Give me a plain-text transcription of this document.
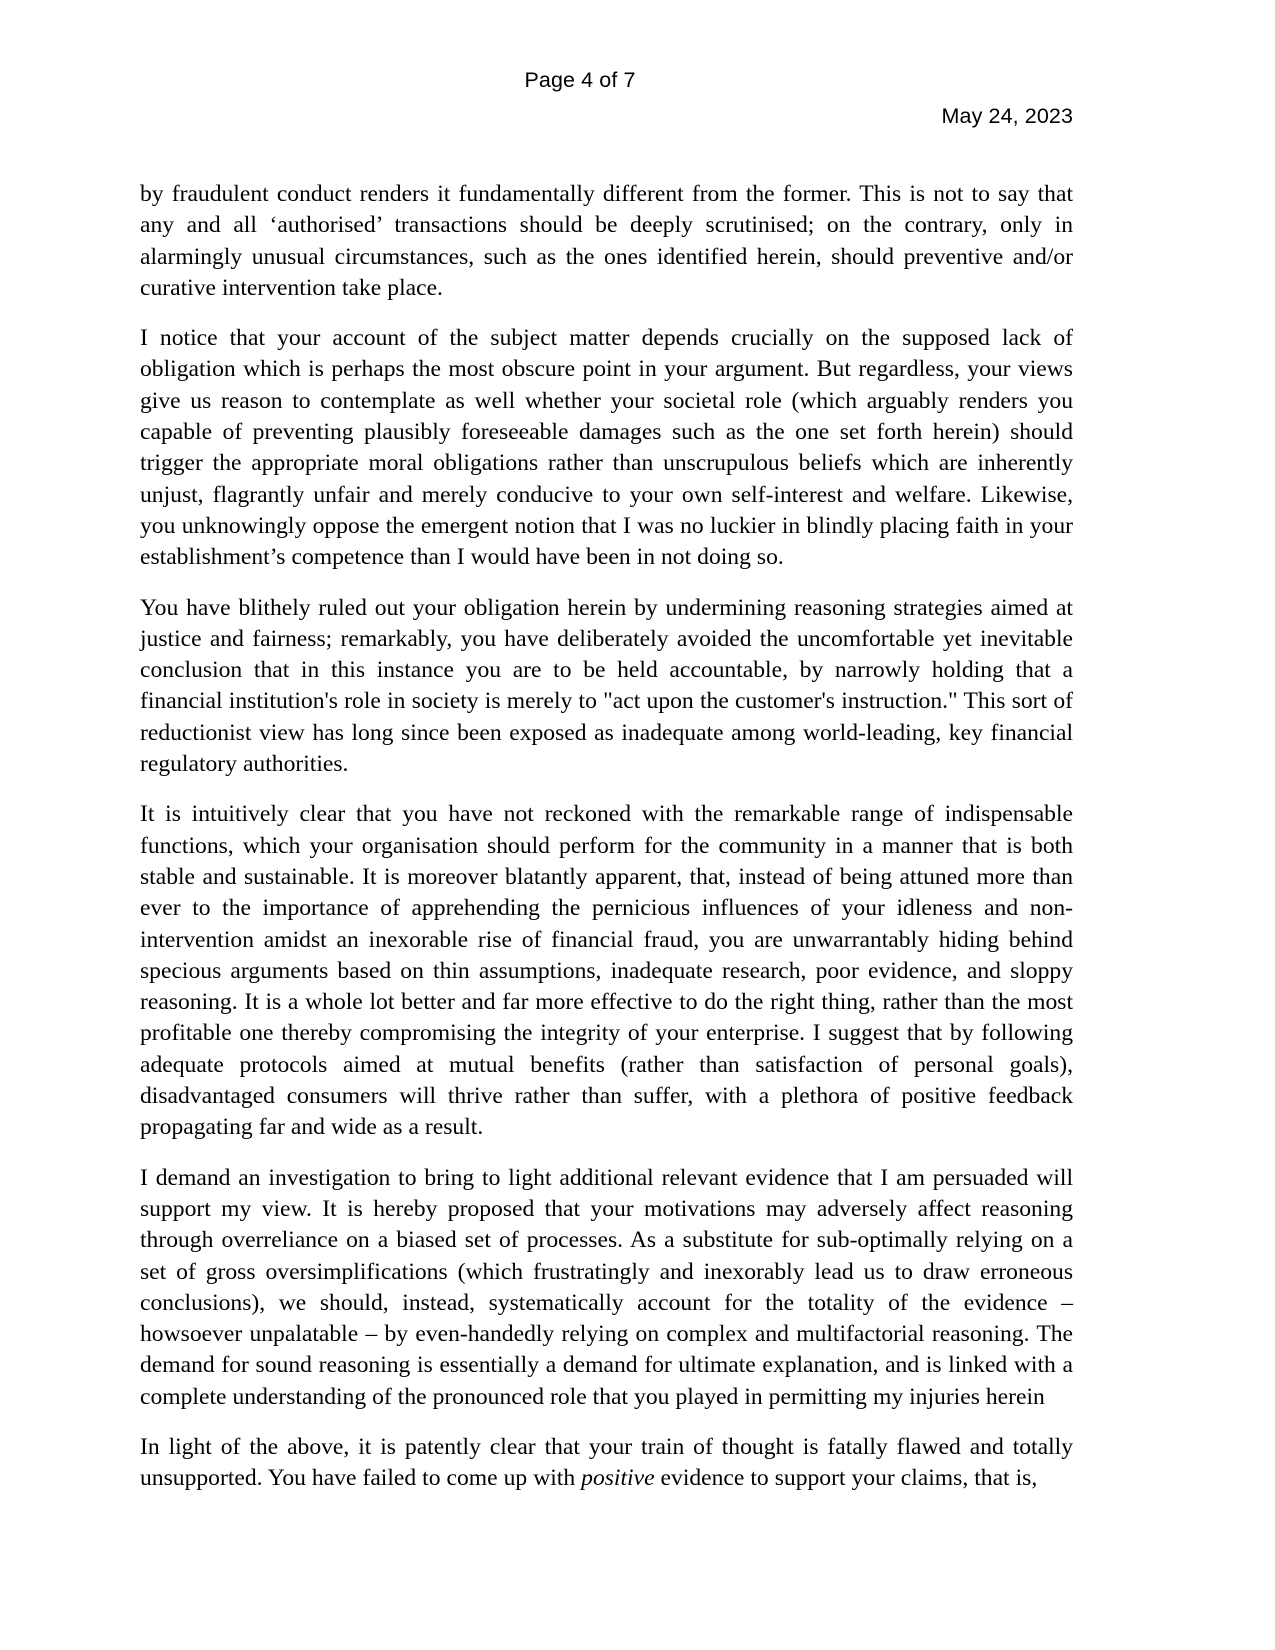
Page 4 of 7
May 24, 2023

by fraudulent conduct renders it fundamentally different from the former. This is not to say that any and all ‘authorised’ transactions should be deeply scrutinised; on the contrary, only in alarmingly unusual circumstances, such as the ones identified herein, should preventive and/or curative intervention take place.

I notice that your account of the subject matter depends crucially on the supposed lack of obligation which is perhaps the most obscure point in your argument. But regardless, your views give us reason to contemplate as well whether your societal role (which arguably renders you capable of preventing plausibly foreseeable damages such as the one set forth herein) should trigger the appropriate moral obligations rather than unscrupulous beliefs which are inherently unjust, flagrantly unfair and merely conducive to your own self-interest and welfare. Likewise, you unknowingly oppose the emergent notion that I was no luckier in blindly placing faith in your establishment’s competence than I would have been in not doing so.

You have blithely ruled out your obligation herein by undermining reasoning strategies aimed at justice and fairness; remarkably, you have deliberately avoided the uncomfortable yet inevitable conclusion that in this instance you are to be held accountable, by narrowly holding that a financial institution's role in society is merely to "act upon the customer's instruction." This sort of reductionist view has long since been exposed as inadequate among world-leading, key financial regulatory authorities.

It is intuitively clear that you have not reckoned with the remarkable range of indispensable functions, which your organisation should perform for the community in a manner that is both stable and sustainable. It is moreover blatantly apparent, that, instead of being attuned more than ever to the importance of apprehending the pernicious influences of your idleness and non-intervention amidst an inexorable rise of financial fraud, you are unwarrantably hiding behind specious arguments based on thin assumptions, inadequate research, poor evidence, and sloppy reasoning. It is a whole lot better and far more effective to do the right thing, rather than the most profitable one thereby compromising the integrity of your enterprise. I suggest that by following adequate protocols aimed at mutual benefits (rather than satisfaction of personal goals), disadvantaged consumers will thrive rather than suffer, with a plethora of positive feedback propagating far and wide as a result.

I demand an investigation to bring to light additional relevant evidence that I am persuaded will support my view. It is hereby proposed that your motivations may adversely affect reasoning through overreliance on a biased set of processes. As a substitute for sub-optimally relying on a set of gross oversimplifications (which frustratingly and inexorably lead us to draw erroneous conclusions), we should, instead, systematically account for the totality of the evidence – howsoever unpalatable – by even-handedly relying on complex and multifactorial reasoning. The demand for sound reasoning is essentially a demand for ultimate explanation, and is linked with a complete understanding of the pronounced role that you played in permitting my injuries herein

In light of the above, it is patently clear that your train of thought is fatally flawed and totally unsupported. You have failed to come up with positive evidence to support your claims, that is,
